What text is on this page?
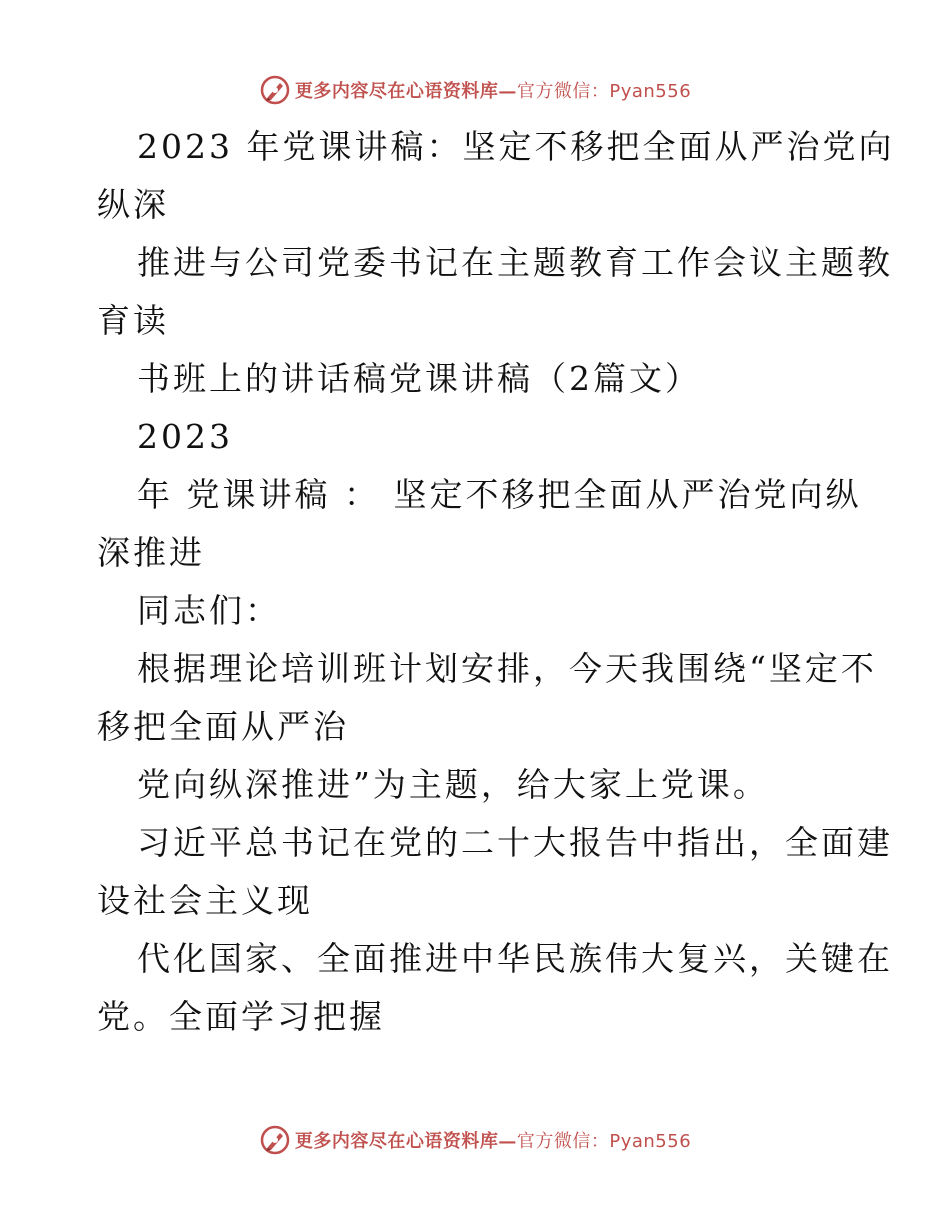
更多内容尽在心语资料库—官方微信：Pyan556
2023 年党课讲稿：坚定不移把全面从严治党向
纵深
推进与公司党委书记在主题教育工作会议主题教
育读
书班上的讲话稿党课讲稿（2篇文）
2023
年 党课讲稿 ： 坚定不移把全面从严治党向纵
深推进
同志们：
根据理论培训班计划安排，今天我围绕“坚定不
移把全面从严治
党向纵深推进”为主题，给大家上党课。
习近平总书记在党的二十大报告中指出，全面建
设社会主义现
代化国家、全面推进中华民族伟大复兴，关键在
党。全面学习把握
更多内容尽在心语资料库—官方微信：Pyan556
